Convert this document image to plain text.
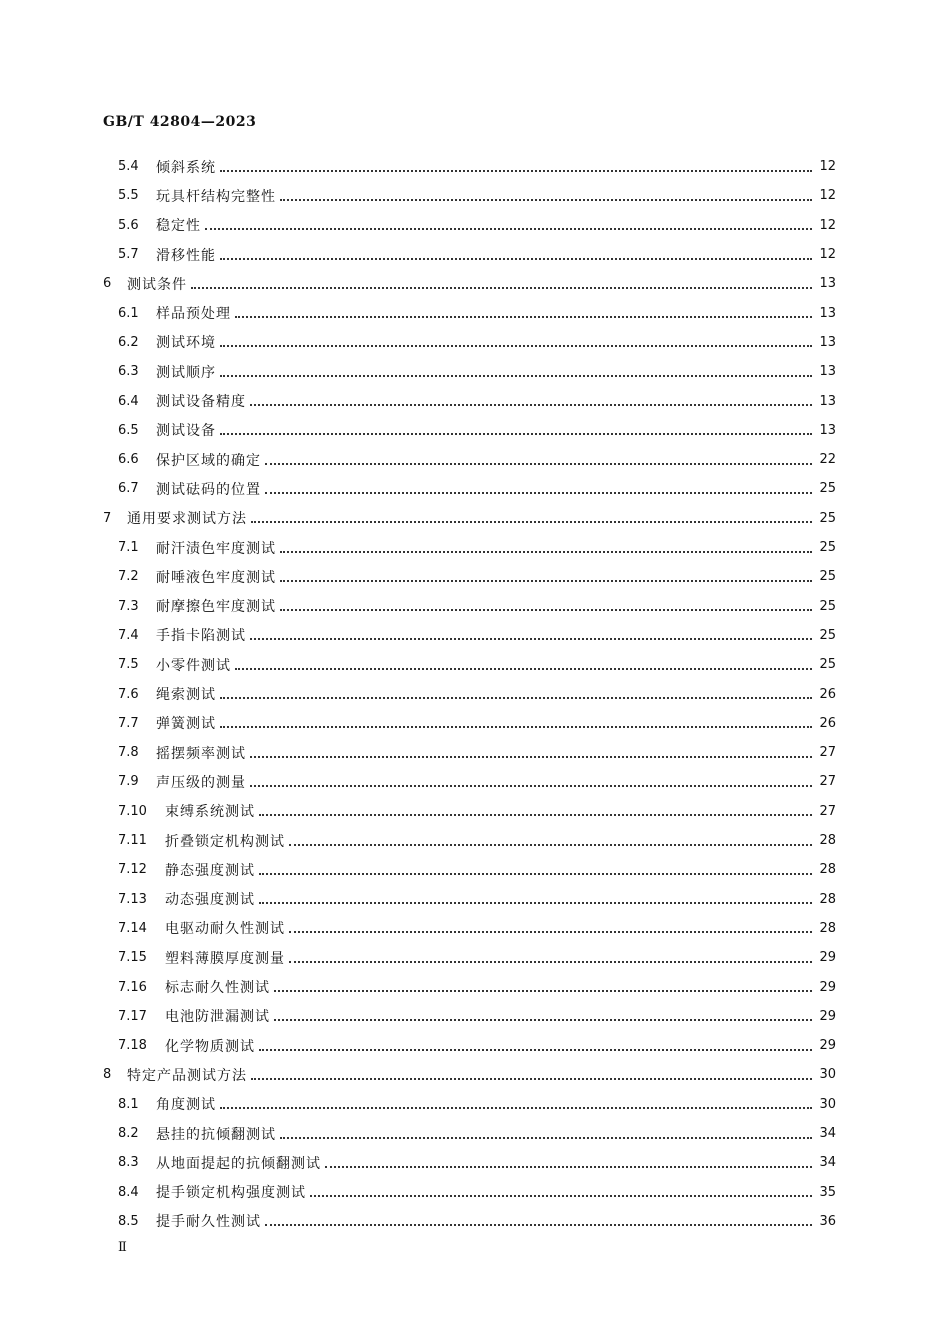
GB/T 42804—2023
5.4	倾斜系统	12
5.5	玩具杆结构完整性	12
5.6	稳定性	12
5.7	滑移性能	12
6	测试条件	13
6.1	样品预处理	13
6.2	测试环境	13
6.3	测试顺序	13
6.4	测试设备精度	13
6.5	测试设备	13
6.6	保护区域的确定	22
6.7	测试砝码的位置	25
7	通用要求测试方法	25
7.1	耐汗渍色牢度测试	25
7.2	耐唾液色牢度测试	25
7.3	耐摩擦色牢度测试	25
7.4	手指卡陷测试	25
7.5	小零件测试	25
7.6	绳索测试	26
7.7	弹簧测试	26
7.8	摇摆频率测试	27
7.9	声压级的测量	27
7.10	束缚系统测试	27
7.11	折叠锁定机构测试	28
7.12	静态强度测试	28
7.13	动态强度测试	28
7.14	电驱动耐久性测试	28
7.15	塑料薄膜厚度测量	29
7.16	标志耐久性测试	29
7.17	电池防泄漏测试	29
7.18	化学物质测试	29
8	特定产品测试方法	30
8.1	角度测试	30
8.2	悬挂的抗倾翻测试	34
8.3	从地面提起的抗倾翻测试	34
8.4	提手锁定机构强度测试	35
8.5	提手耐久性测试	36
Ⅱ
